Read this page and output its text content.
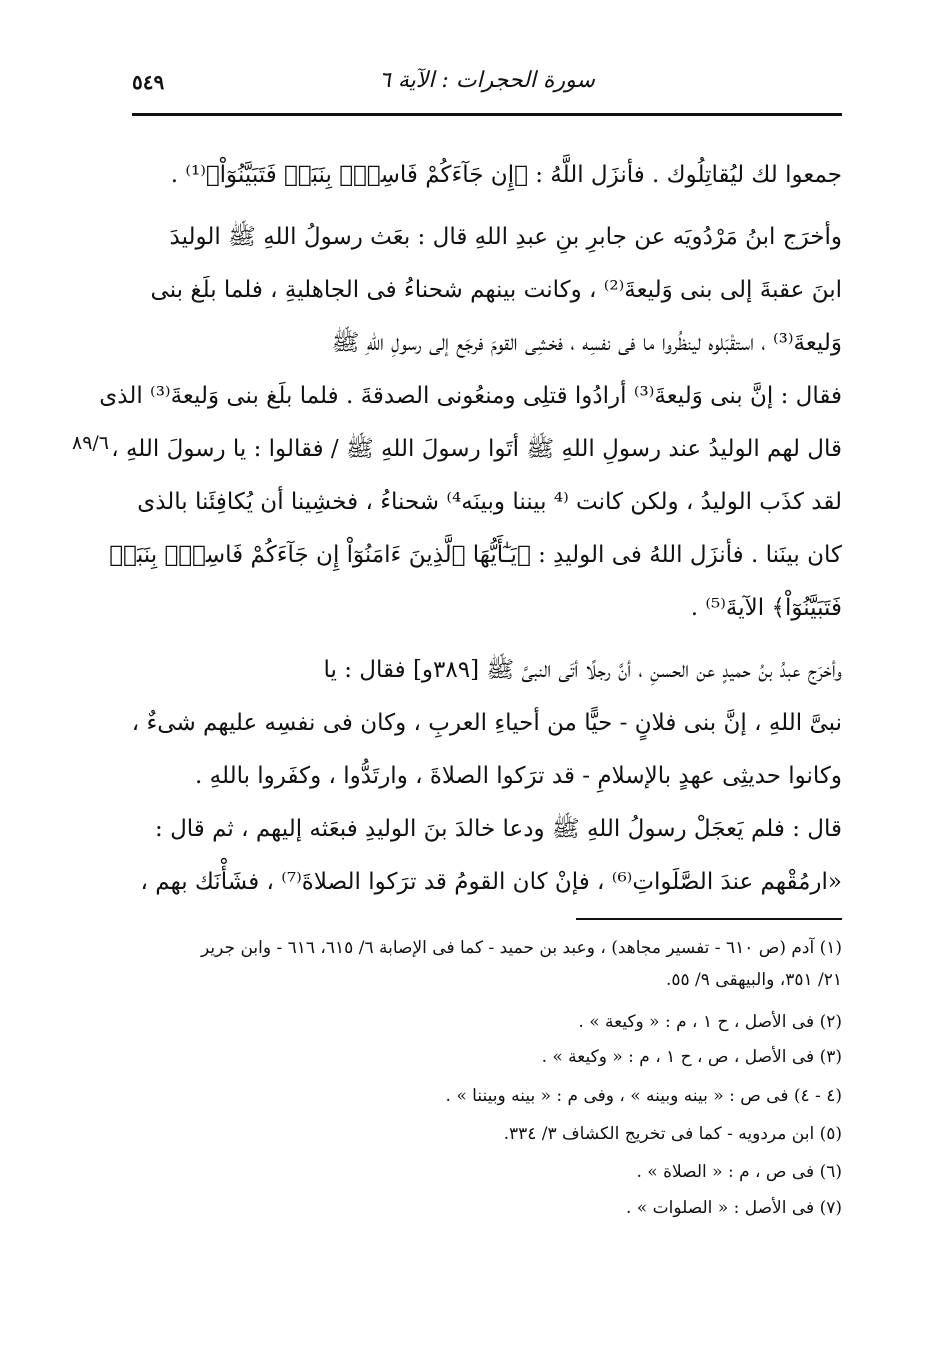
٥٤٩	سورة الحجرات : الآية ٦
جمعوا لك ليُقاتِلُوك . فأنزَل اللَّهُ : ﴿إِن جَآءَكُمْ فَاسِقُۢ بِنَبَإٖ فَتَبَيَّنُوٓاْ﴾⁽¹⁾ .
وأخرَج ابنُ مَرْدُويَه عن جابرِ بنِ عبدِ اللهِ قال : بعَث رسولُ اللهِ ﷺ الوليدَ
ابنَ عقبةَ إلى بنى وَليعةَ⁽²⁾ ، وكانت بينهم شحناءُ فى الجاهليةِ ، فلما بلَغ بنى
وَليعةَ⁽³⁾ ، استقْبَلوه لينظُروا ما فى نفسِه ، فخشِى القومَ فرجَع إلى رسولِ اللهِ ﷺ
فقال : إنَّ بنى وَليعةَ⁽³⁾ أرادُوا قتلِى ومنعُونى الصدقةَ . فلما بلَغ بنى وَليعةَ⁽³⁾ الذى
قال لهم الوليدُ عند رسولِ اللهِ ﷺ أتَوا رسولَ اللهِ ﷺ / فقالوا : يا رسولَ اللهِ ،
لقد كذَب الوليدُ ، ولكن كانت ⁽⁴ بيننا وبينَه⁴⁾ شحناءُ ، فخشِينا أن يُكافِئَنا بالذى
كان بينَنا . فأنزَل اللهُ فى الوليدِ : ﴿يَـٰٓأَيُّهَا ٱلَّذِينَ ءَامَنُوٓاْ إِن جَآءَكُمْ فَاسِقُۢ بِنَبَإٖ
فَتَبَيَّنُوٓاْ﴾ الآيةَ⁽⁵⁾ .
وأخرَج عبدُ بنُ حميدٍ عن الحسنِ ، أنَّ رجلًا أتَى النبىَّ ﷺ [٣٨٩و] فقال : يا
نبىَّ اللهِ ، إنَّ بنى فلانٍ - حيًّا من أحياءِ العربِ ، وكان فى نفسِه عليهم شىءٌ ،
وكانوا حديثِى عهدٍ بالإسلامِ - قد ترَكوا الصلاةَ ، وارتَدُّوا ، وكفَروا باللهِ .
قال : فلم يَعجَلْ رسولُ اللهِ ﷺ ودعا خالدَ بنَ الوليدِ فبعَثه إليهم ، ثم قال :
«ارمُقْهم عندَ الصَّلَواتِ⁽⁶⁾ ، فإنْ كان القومُ قد ترَكوا الصلاةَ⁽⁷⁾ ، فشَأْنَك بهم ،
٨٩/٦
(١) آدم (ص ٦١٠ - تفسير مجاهد) ، وعبد بن حميد - كما فى الإصابة ٦/ ٦١٥، ٦١٦ - وابن جرير
٢١/ ٣٥١، والبيهقى ٩/ ٥٥.
(٢) فى الأصل ، ح ١ ، م : « وكيعة » .
(٣) فى الأصل ، ص ، ح ١ ، م : « وكيعة » .
(٤ - ٤) فى ص : « بينه وبينه » ، وفى م : « بينه وبيننا » .
(٥) ابن مردويه - كما فى تخريج الكشاف ٣/ ٣٣٤.
(٦) فى ص ، م : « الصلاة » .
(٧) فى الأصل : « الصلوات » .
